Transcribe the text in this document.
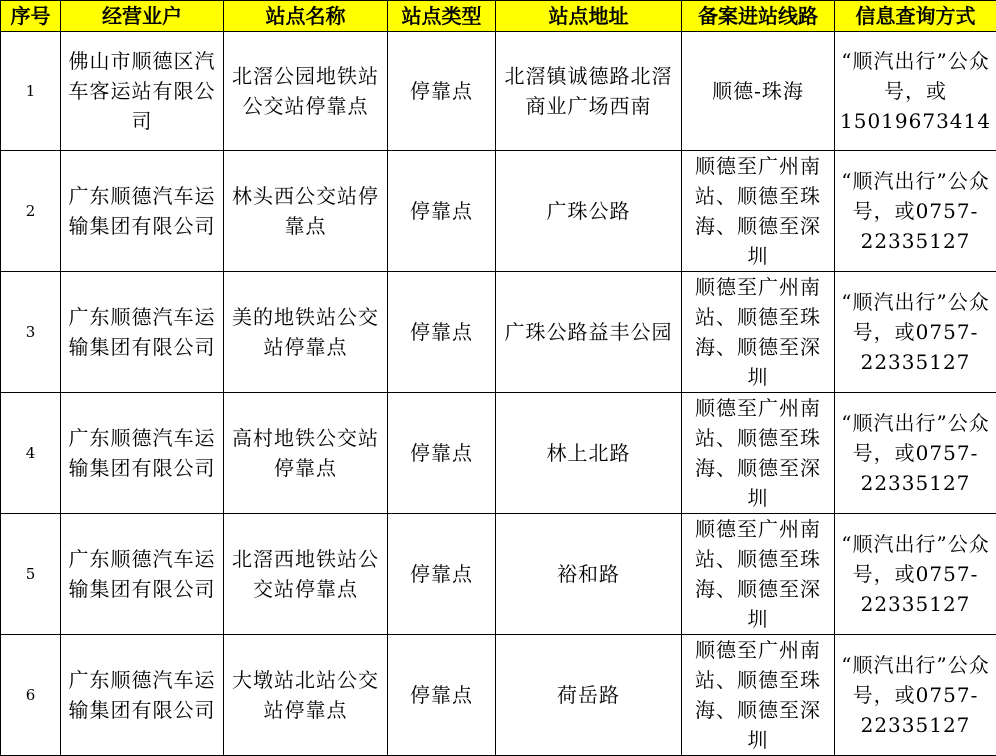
序号	经营业户	站点名称	站点类型	站点地址	备案进站线路	信息查询方式
1	佛山市顺德区汽车客运站有限公司	北滘公园地铁站公交站停靠点	停靠点	北滘镇诚德路北滘商业广场西南	顺德-珠海	“顺汽出行”公众号，或15019673414
2	广东顺德汽车运输集团有限公司	林头西公交站停靠点	停靠点	广珠公路	顺德至广州南站、顺德至珠海、顺德至深圳	“顺汽出行”公众号，或0757-22335127
3	广东顺德汽车运输集团有限公司	美的地铁站公交站停靠点	停靠点	广珠公路益丰公园	顺德至广州南站、顺德至珠海、顺德至深圳	“顺汽出行”公众号，或0757-22335127
4	广东顺德汽车运输集团有限公司	高村地铁公交站停靠点	停靠点	林上北路	顺德至广州南站、顺德至珠海、顺德至深圳	“顺汽出行”公众号，或0757-22335127
5	广东顺德汽车运输集团有限公司	北滘西地铁站公交站停靠点	停靠点	裕和路	顺德至广州南站、顺德至珠海、顺德至深圳	“顺汽出行”公众号，或0757-22335127
6	广东顺德汽车运输集团有限公司	大墩站北站公交站停靠点	停靠点	荷岳路	顺德至广州南站、顺德至珠海、顺德至深圳	“顺汽出行”公众号，或0757-22335127
